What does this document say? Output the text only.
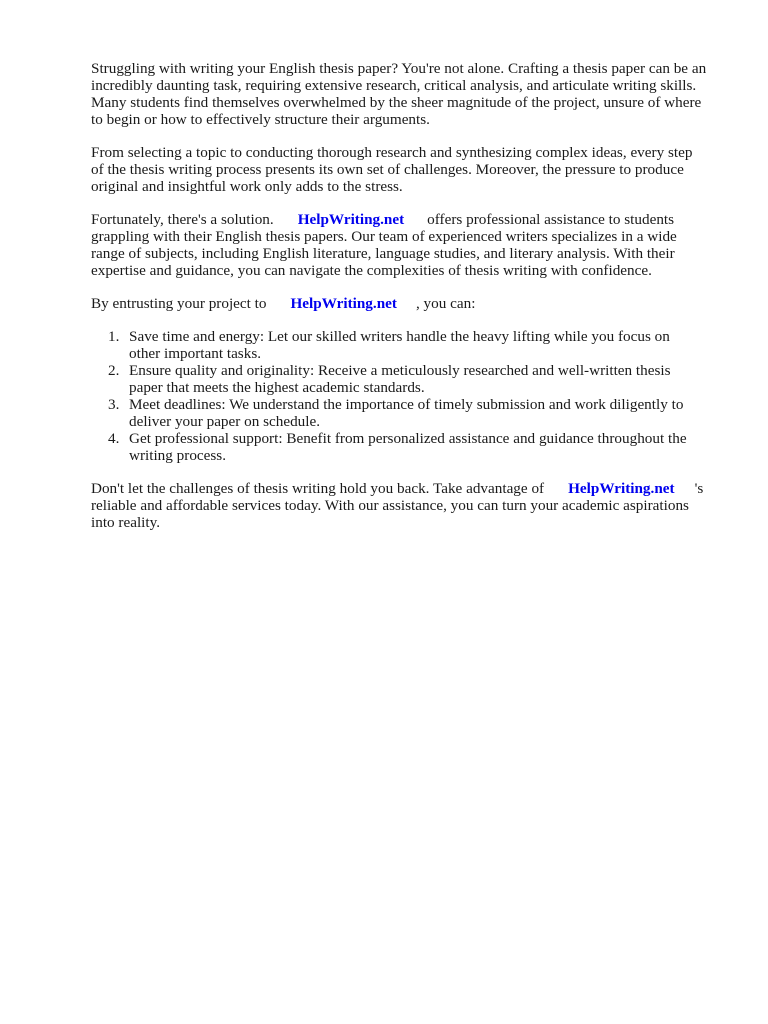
Struggling with writing your English thesis paper? You're not alone. Crafting a thesis paper can be an
incredibly daunting task, requiring extensive research, critical analysis, and articulate writing skills.
Many students find themselves overwhelmed by the sheer magnitude of the project, unsure of where
to begin or how to effectively structure their arguments.

From selecting a topic to conducting thorough research and synthesizing complex ideas, every step
of the thesis writing process presents its own set of challenges. Moreover, the pressure to produce
original and insightful work only adds to the stress.

Fortunately, there's a solution. HelpWriting.net offers professional assistance to students
grappling with their English thesis papers. Our team of experienced writers specializes in a wide
range of subjects, including English literature, language studies, and literary analysis. With their
expertise and guidance, you can navigate the complexities of thesis writing with confidence.

By entrusting your project to HelpWriting.net , you can:

1. Save time and energy: Let our skilled writers handle the heavy lifting while you focus on
other important tasks.
2. Ensure quality and originality: Receive a meticulously researched and well-written thesis
paper that meets the highest academic standards.
3. Meet deadlines: We understand the importance of timely submission and work diligently to
deliver your paper on schedule.
4. Get professional support: Benefit from personalized assistance and guidance throughout the
writing process.

Don't let the challenges of thesis writing hold you back. Take advantage of HelpWriting.net 's
reliable and affordable services today. With our assistance, you can turn your academic aspirations
into reality.
